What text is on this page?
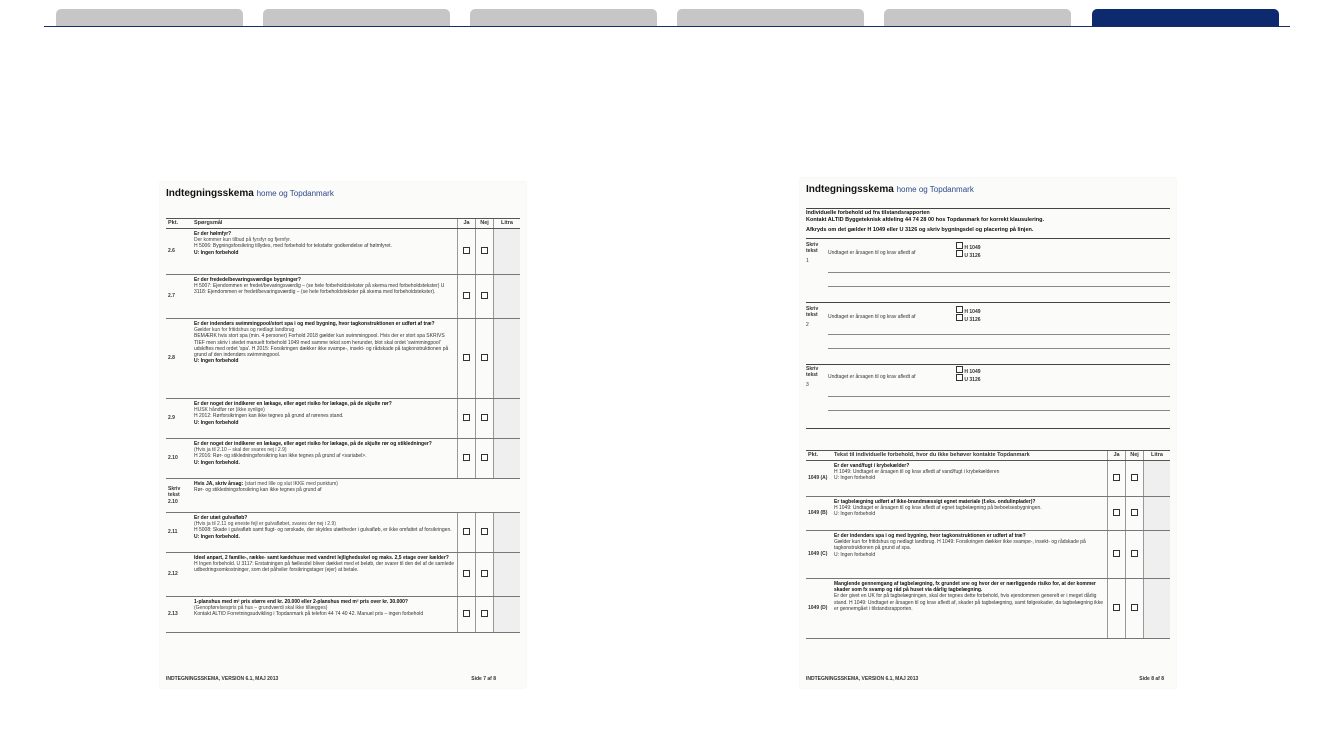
Indtegningsskema home og Topdanmark
Pkt.	Spørgsmål	Ja	Nej	Litra
2.6	Er der hølmfyr?
Der kommer kun tilbud på fyrsfyr og fjernfyr.
H 5006: Bygningsforsikring tillydes, med forbehold for tekstafor godkendelse af hølmfyret.
U: Ingen forbehold			

2.7	Er der fredede/bevaringsværdige bygninger?
H 5007: Ejendommen er fredet/bevaringsværdig – (se hele forbeholdstekster på skema med forbeholdstekster) U 3118: Ejendommen er fredet/bevaringsværdig – (se hele forbeholdstekster på skema med forbeholdstekster).			

2.8	Er der indendørs swimmingpool/stort spa i og med bygning, hvor tagkonstruktionen er udført af træ?
Gælder kun for fritidshus og nedlagt landbrug
BEMÆRK hvis stort spa (min. 4 personer) Forhold 2018 gælder kun swimmingpool. Hvis der er stort spa SKRIVS TIEF men skriv i stedet manuelt forbehold 1049 med samme tekst som herunder, blot skal ordet 'swimmingpool' udskiftes med ordet 'spa'. H 2015: Forsikringen dækker ikke svampe-, insekt- og rådskade på tagkonstruktionen på grund af den indendørs swimmingpool.
U: Ingen forbehold			

2.9	Er der noget der indikerer en lækage, eller øget risiko for lækage, på de skjulte rør?
HUSK håndfør rør (ikke synlige)
H 2012: Rørforsikringen kan ikke tegnes på grund af rørenes stand.
U: Ingen forbehold			

2.10	Er der noget der indikerer en lækage, eller øget risiko for lækage, på de skjulte rør og stikledninger?
(Hvis ja til 2.10 – skal der svares nej i 2.9)
H 2016: Rør- og stikledningsforsikring kan ikke tegnes på grund af <variabel>.
U: Ingen forbehold.			

Skriv tekst 2.10	Hvis JA, skriv årsag: (start med lille og slut IKKE med punktum)
Rør- og stikledningsforsikring kan ikke tegnes på grund af			

2.11	Er der utæt gulvafløb?
(Hvis ja til 2.11 og eneste fejl er gulvafløbet, svares der nej i 2.9)
H 5008: Skade i gulvafløb samt flugt- og rørskade, der skyldes utætheder i gulvafløb, er ikke omfattet af forsikringen.
U: Ingen forbehold.			

2.12	Ideel anpart, 2 familie-, række- samt kædehuse med vandret lejlighedsskel og maks. 2,5 etage over kælder?
H Ingen forbehold. U 3117: Erstatningen på fællesdel bliver dækket med et beløb, der svarer til den del af de samlede udbedringsomkostninger, som det påhviler forsikringstager (ejer) at betale.			

2.13	1-planshus med m² pris større end kr. 20.000 eller 2-planshus med m² pris over kr. 30.000?
(Genopførelsespris på hus – grundværdi skal ikke tillægges)
Kontakt ALTID Forretningsudvikling i Topdanmark på telefon 44 74 40 42. Manuel pris – ingen forbehold			

INDTEGNINGSSKEMA, VERSION 6.1, MAJ 2013	Side 7 af 8
Indtegningsskema home og Topdanmark
Individuelle forbehold ud fra tilstandsrapporten
Kontakt ALTID Byggeteknisk afdeling 44 74 28 00 hos Topdanmark for korrekt klausulering.
Afkryds om det gælder H 1049 eller U 3126 og skriv bygningsdel og placering på linjen.
Skriv tekst
1
Undtaget er årsagen til og krav afledt af
H 1049
U 3126
Skriv tekst
2
Undtaget er årsagen til og krav afledt af
H 1049
U 3126
Skriv tekst
3
Undtaget er årsagen til og krav afledt af
H 1049
U 3126
Pkt.	Tekst til individuelle forbehold, hvor du ikke behøver kontakte Topdanmark	Ja	Nej	Litra
1049 (A)	Er der vand/fugt i krybekælder?
H 1049: Undtaget er årsagen til og krav afledt af vand/fugt i krybekælderen
U: Ingen forbehold			

1049 (B)	Er tagbelægning udført af ikke-brandmæssigt egnet materiale (f.eks. ondulinplader)?
H 1049: Undtaget er årsagen til og krav afledt af egnet tagbelægning på beboelsesbygningen.
U: Ingen forbehold			

1049 (C)	Er der indendørs spa i og med bygning, hvor tagkonstruktionen er udført af træ?
Gælder kun for fritidshus og nedlagt landbrug. H 1049: Forsikringen dækker ikke svampe-, insekt- og rådskade på tagkonstruktionen på grund af spa.
U: Ingen forbehold			

1049 (D)	Manglende gennemgang af tagbelægning, fx grundet sne og hvor der er nærliggende risiko for, at der kommer skader som fx svamp og råd på huset via dårlig tagbelægning.
Er der givet en UK for på tagbelægningen, skal der tegnes dette forbehold, hvis ejendommen generelt er i meget dårlig stand. H 1049: Undtaget er årsagen til og krav afledt af, skader på tagbelægning, samt følgeskader, da tagbelægning ikke er gennemgået i tilstandsrapporten.			

INDTEGNINGSSKEMA, VERSION 6.1, MAJ 2013	Side 8 af 8
